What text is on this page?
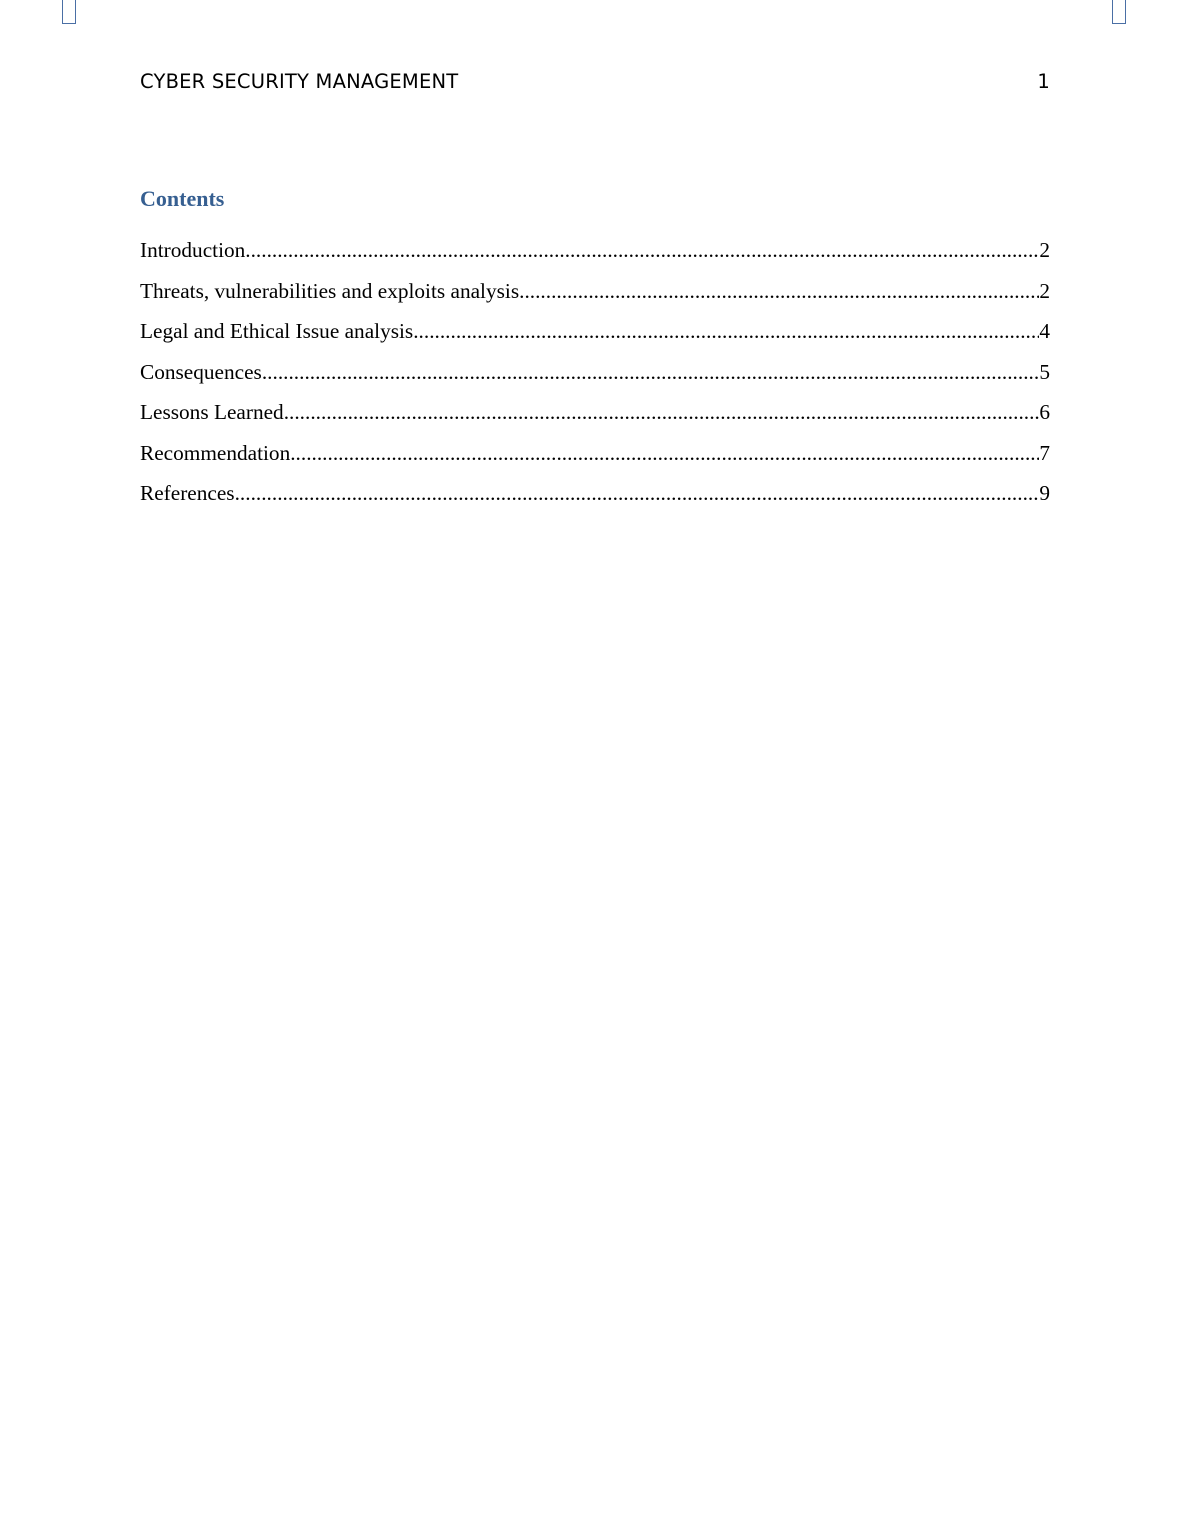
CYBER SECURITY MANAGEMENT	1
Contents
Introduction .....	2
Threats, vulnerabilities and exploits analysis .....	2
Legal and Ethical Issue analysis .....	4
Consequences .....	5
Lessons Learned .....	6
Recommendation .....	7
References .....	9
